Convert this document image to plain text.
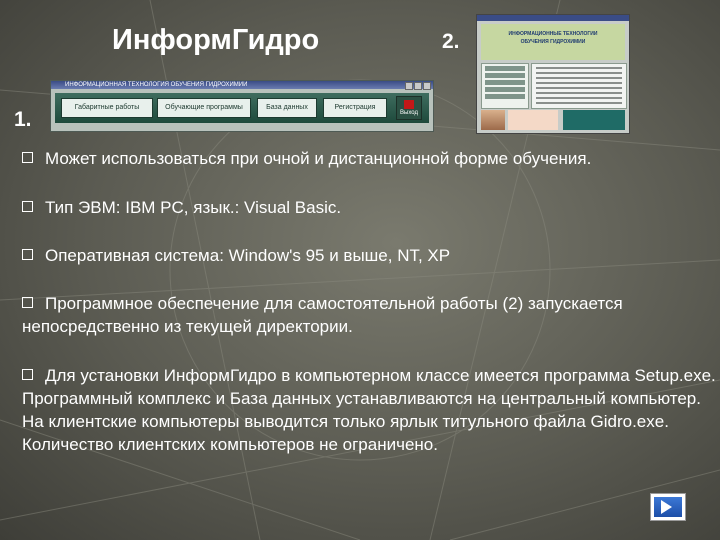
ИнформГидро	2.
1.
ИНФОРМАЦИОННАЯ ТЕХНОЛОГИЯ ОБУЧЕНИЯ ГИДРОХИМИИ
Габаритные работы	Обучающие программы	База данных	Регистрация
Выход
ИНФОРМАЦИОННЫЕ ТЕХНОЛОГИИ
ОБУЧЕНИЯ ГИДРОХИМИИ
Может использоваться при очной и дистанционной форме обучения.
Тип ЭВМ: IBM PC, язык.: Visual Basic.
Оперативная система: Window's 95 и выше, NT, XP
Программное обеспечение для самостоятельной работы (2) запускается непосредственно из текущей директории.
Для установки ИнформГидро в компьютерном классе имеется программа Setup.exe. Программный комплекс и База данных устанавливаются на центральный компьютер. На клиентские компьютеры выводится только ярлык титульного файла Gidro.exe. Количество клиентских компьютеров не ограничено.
